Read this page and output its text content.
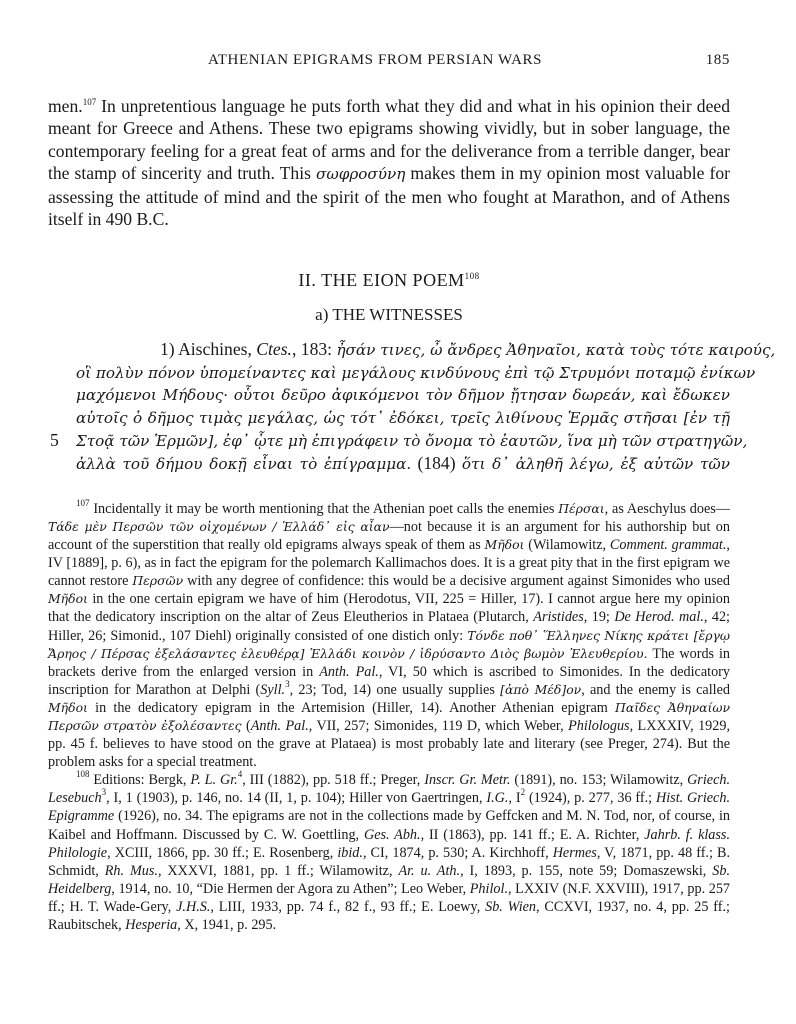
ATHENIAN EPIGRAMS FROM PERSIAN WARS	185

men.$^{107}$ In unpretentious language he puts forth what they did and what in his opinion their deed meant for Greece and Athens. These two epigrams showing vividly, but in sober language, the contemporary feeling for a great feat of arms and for the deliverance from a terrible danger, bear the stamp of sincerity and truth. This σωφροσύνη makes them in my opinion most valuable for assessing the attitude of mind and the spirit of the men who fought at Marathon, and of Athens itself in 490 B.C.

II. THE EION POEM$^{108}$
a) THE WITNESSES
1) Aischines, Ctes., 183: ἦσάν τινες, ὦ ἄνδρες Ἀθηναῖοι, κατὰ τοὺς τότε καιρούς,
οἳ πολὺν πόνον ὑπομείναντες καὶ μεγάλους κινδύνους ἐπὶ τῷ Στρυμόνι ποταμῷ ἐνίκων
μαχόμενοι Μήδους· οὗτοι δεῦρο ἀφικόμενοι τὸν δῆμον ᾔτησαν δωρεάν, καὶ ἔδωκεν
αὐτοῖς ὁ δῆμος τιμὰς μεγάλας, ὡς τότ᾽ ἐδόκει, τρεῖς λιθίνους Ἑρμᾶς στῆσαι [ἐν τῇ
5 Στοᾷ τῶν Ἑρμῶν], ἐφ᾽ ᾧτε μὴ ἐπιγράφειν τὸ ὄνομα τὸ ἑαυτῶν, ἵνα μὴ τῶν στρατηγῶν,
ἀλλὰ τοῦ δήμου δοκῇ εἶναι τὸ ἐπίγραμμα. (184) ὅτι δ᾽ ἀληθῆ λέγω, ἐξ αὐτῶν τῶν

$^{107}$ Incidentally it may be worth mentioning that the Athenian poet calls the enemies Πέρσαι, as Aeschylus does—Τάδε μὲν Περσῶν τῶν οἰχομένων / Ἑλλάδ᾽ εἰς αἶαν—not because it is an argument for his authorship but on account of the superstition that really old epigrams always speak of them as Μῆδοι (Wilamowitz, Comment. grammat., IV [1889], p. 6), as in fact the epigram for the polemarch Kallimachos does. It is a great pity that in the first epigram we cannot restore Περσῶν with any degree of confidence: this would be a decisive argument against Simonides who used Μῆδοι in the one certain epigram we have of him (Herodotus, VII, 225 = Hiller, 17). I cannot argue here my opinion that the dedicatory inscription on the altar of Zeus Eleutherios in Plataea (Plutarch, Aristides, 19; De Herod. mal., 42; Hiller, 26; Simonid., 107 Diehl) originally consisted of one distich only: Τόνδε ποθ᾽ Ἕλληνες Νίκης κράτει [ἔργῳ Ἄρηος / Πέρσας ἐξελάσαντες ἐλευθέρᾳ] Ἑλλάδι κοινὸν / ἱδρύσαντο Διὸς βωμὸν Ἐλευθερίου. The words in brackets derive from the enlarged version in Anth. Pal., VI, 50 which is ascribed to Simonides. In the dedicatory inscription for Marathon at Delphi (Syll.$^3$, 23; Tod, 14) one usually supplies [ἀπὸ Μέδ]ον, and the enemy is called Μῆδοι in the dedicatory epigram in the Artemision (Hiller, 14). Another Athenian epigram Παῖδες Ἀθηναίων Περσῶν στρατὸν ἐξολέσαντες (Anth. Pal., VII, 257; Simonides, 119 D, which Weber, Philologus, LXXXIV, 1929, pp. 45 f. believes to have stood on the grave at Plataea) is most probably late and literary (see Preger, 274). But the problem asks for a special treatment.

$^{108}$ Editions: Bergk, P. L. Gr.$^4$, III (1882), pp. 518 ff.; Preger, Inscr. Gr. Metr. (1891), no. 153; Wilamowitz, Griech. Lesebuch$^3$, I, 1 (1903), p. 146, no. 14 (II, 1, p. 104); Hiller von Gaertringen, I.G., $I^2$ (1924), p. 277, 36 ff.; Hist. Griech. Epigramme (1926), no. 34. The epigrams are not in the collections made by Geffcken and M. N. Tod, nor, of course, in Kaibel and Hoffmann. Discussed by C. W. Goettling, Ges. Abh., II (1863), pp. 141 ff.; E. A. Richter, Jahrb. f. klass. Philologie, XCIII, 1866, pp. 30 ff.; E. Rosenberg, ibid., CI, 1874, p. 530; A. Kirchhoff, Hermes, V, 1871, pp. 48 ff.; B. Schmidt, Rh. Mus., XXXVI, 1881, pp. 1 ff.; Wilamowitz, Ar. u. Ath., I, 1893, p. 155, note 59; Domaszewski, Sb. Heidelberg, 1914, no. 10, “Die Hermen der Agora zu Athen”; Leo Weber, Philol., LXXIV (N.F. XXVIII), 1917, pp. 257 ff.; H. T. Wade-Gery, J.H.S., LIII, 1933, pp. 74 f., 82 f., 93 ff.; E. Loewy, Sb. Wien, CCXVI, 1937, no. 4, pp. 25 ff.; Raubitschek, Hesperia, X, 1941, p. 295.
